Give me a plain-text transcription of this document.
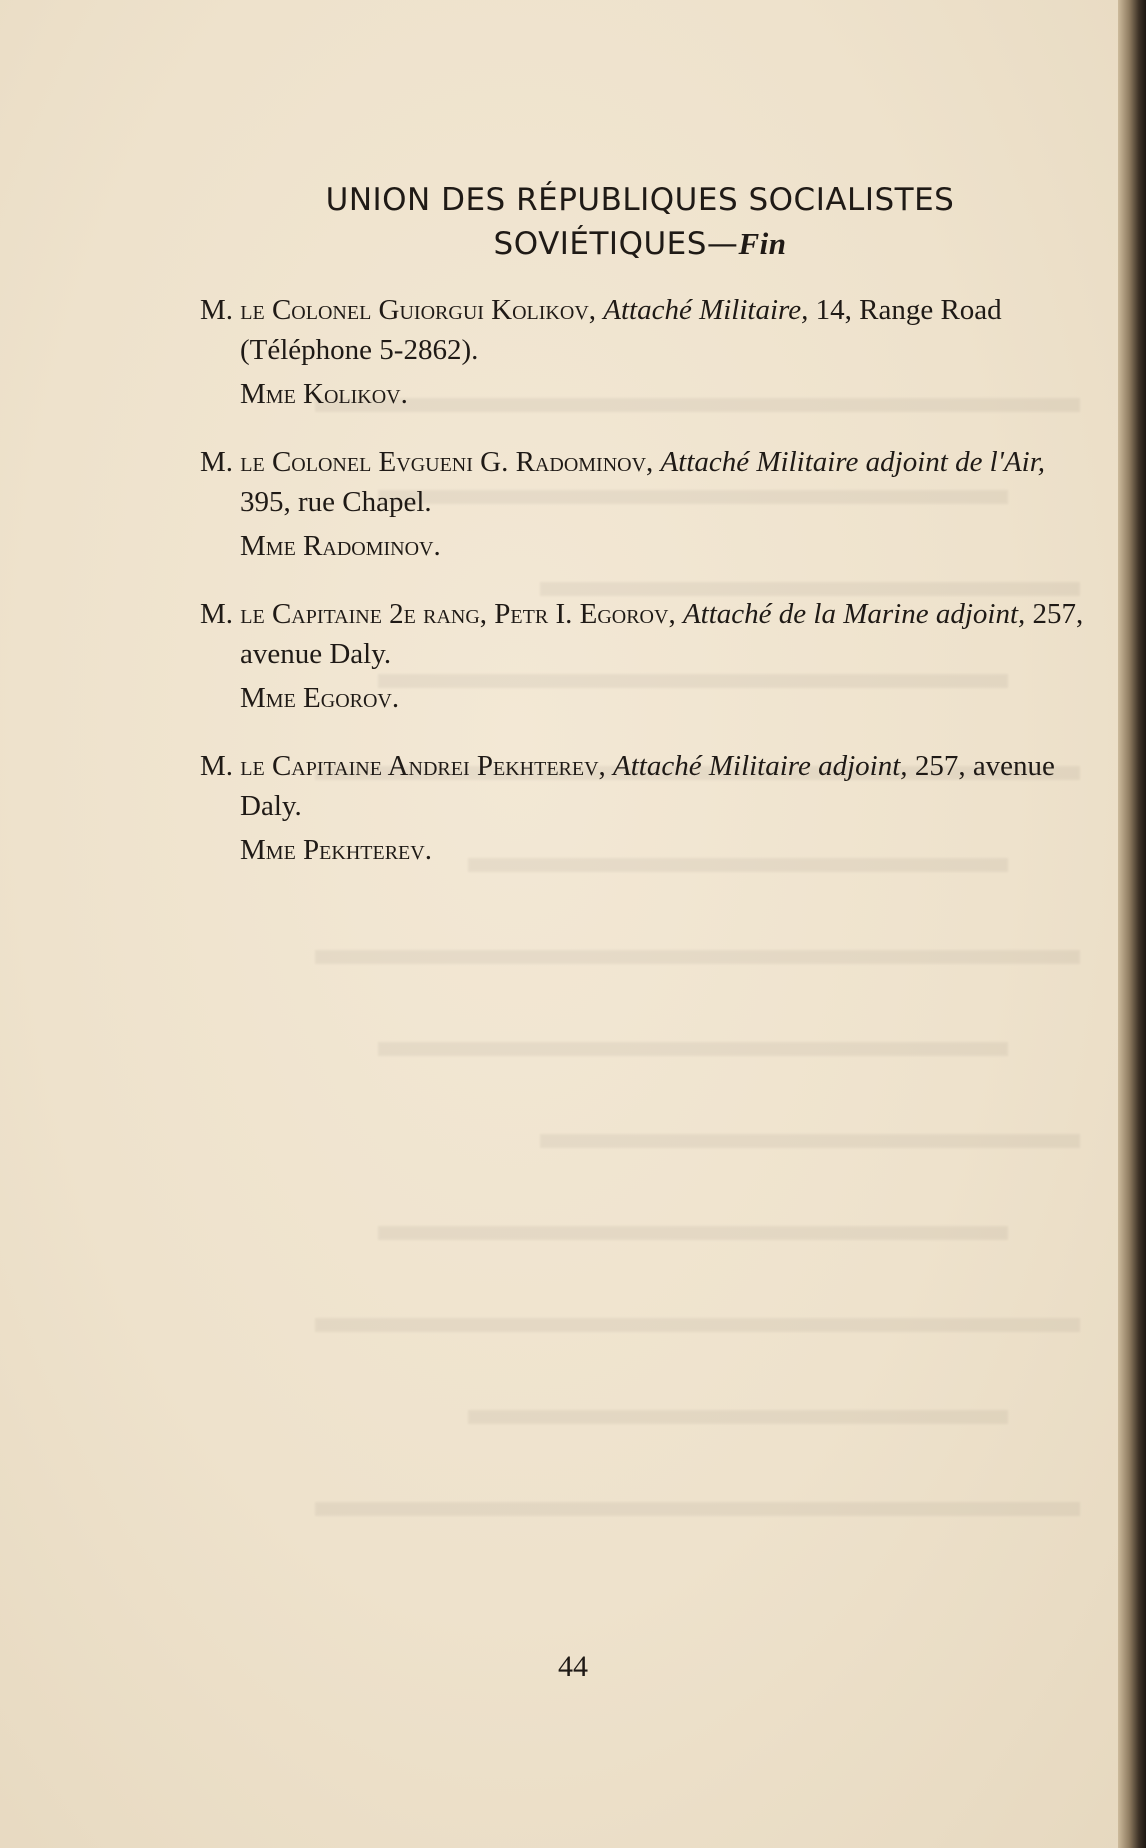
UNION DES RÉPUBLIQUES SOCIALISTES
SOVIÉTIQUES—Fin
M. le Colonel Guiorgui Kolikov, Attaché Militaire, 14, Range Road (Téléphone 5-2862).
Mme Kolikov.
M. le Colonel Evgueni G. Radominov, Attaché Militaire adjoint de l'Air, 395, rue Chapel.
Mme Radominov.
M. le Capitaine 2e rang, Petr I. Egorov, Attaché de la Marine adjoint, 257, avenue Daly.
Mme Egorov.
M. le Capitaine Andrei Pekhterev, Attaché Militaire adjoint, 257, avenue Daly.
Mme Pekhterev.
44
